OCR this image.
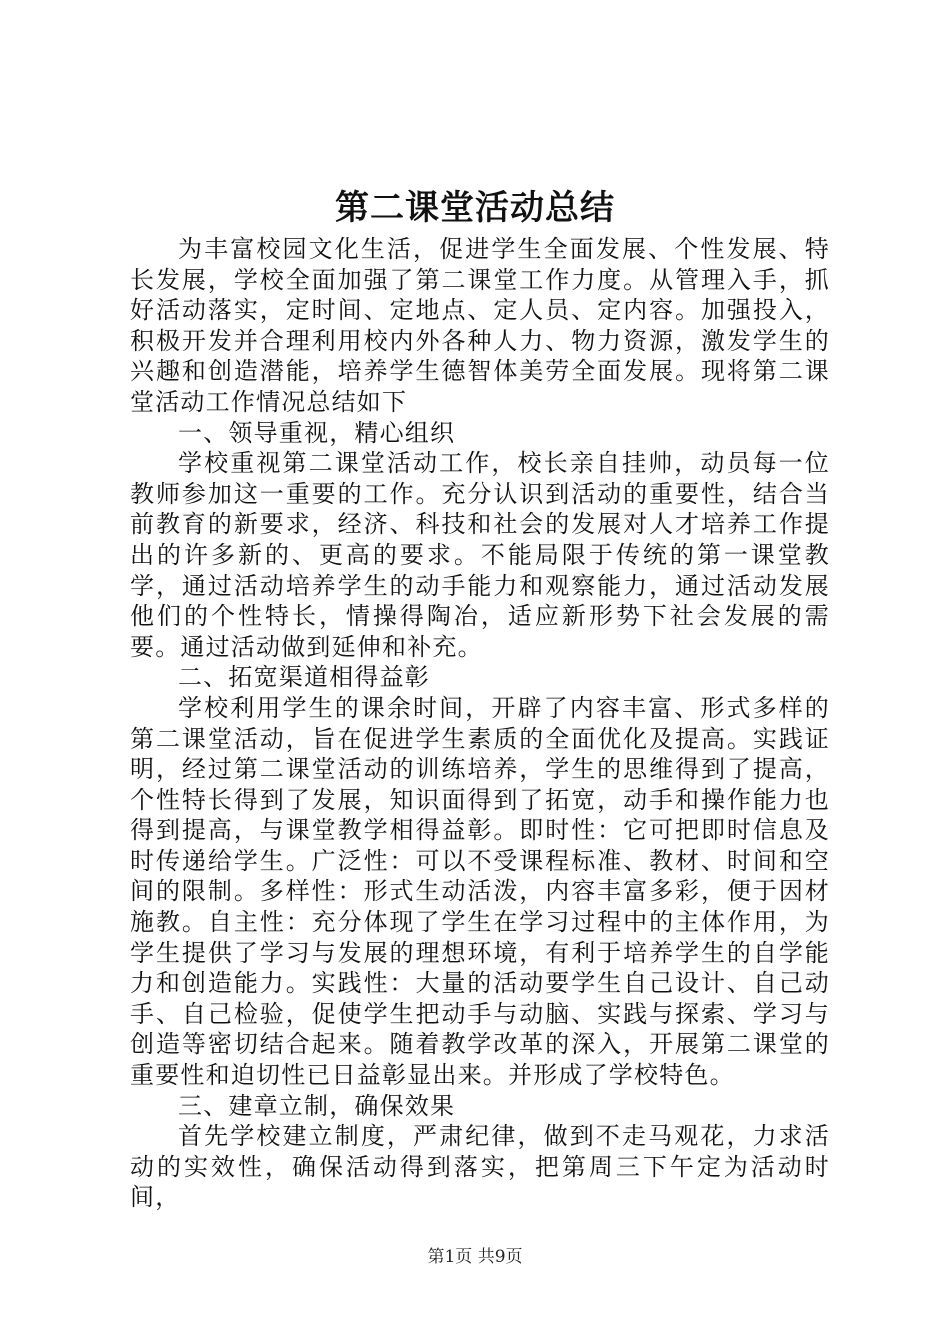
第二课堂活动总结

为丰富校园文化生活，促进学生全面发展、个性发展、特长发展，学校全面加强了第二课堂工作力度。从管理入手，抓好活动落实，定时间、定地点、定人员、定内容。加强投入，积极开发并合理利用校内外各种人力、物力资源，激发学生的兴趣和创造潜能，培养学生德智体美劳全面发展。现将第二课堂活动工作情况总结如下

一、领导重视，精心组织

学校重视第二课堂活动工作，校长亲自挂帅，动员每一位教师参加这一重要的工作。充分认识到活动的重要性，结合当前教育的新要求，经济、科技和社会的发展对人才培养工作提出的许多新的、更高的要求。不能局限于传统的第一课堂教学，通过活动培养学生的动手能力和观察能力，通过活动发展他们的个性特长，情操得陶冶，适应新形势下社会发展的需要。通过活动做到延伸和补充。

二、拓宽渠道相得益彰

学校利用学生的课余时间，开辟了内容丰富、形式多样的第二课堂活动，旨在促进学生素质的全面优化及提高。实践证明，经过第二课堂活动的训练培养，学生的思维得到了提高，个性特长得到了发展，知识面得到了拓宽，动手和操作能力也得到提高，与课堂教学相得益彰。即时性：它可把即时信息及时传递给学生。广泛性：可以不受课程标准、教材、时间和空间的限制。多样性：形式生动活泼，内容丰富多彩，便于因材施教。自主性：充分体现了学生在学习过程中的主体作用，为学生提供了学习与发展的理想环境，有利于培养学生的自学能力和创造能力。实践性：大量的活动要学生自己设计、自己动手、自己检验，促使学生把动手与动脑、实践与探索、学习与创造等密切结合起来。随着教学改革的深入，开展第二课堂的重要性和迫切性已日益彰显出来。并形成了学校特色。

三、建章立制，确保效果

首先学校建立制度，严肃纪律，做到不走马观花，力求活动的实效性，确保活动得到落实，把第周三下午定为活动时间，

第1页 共9页
